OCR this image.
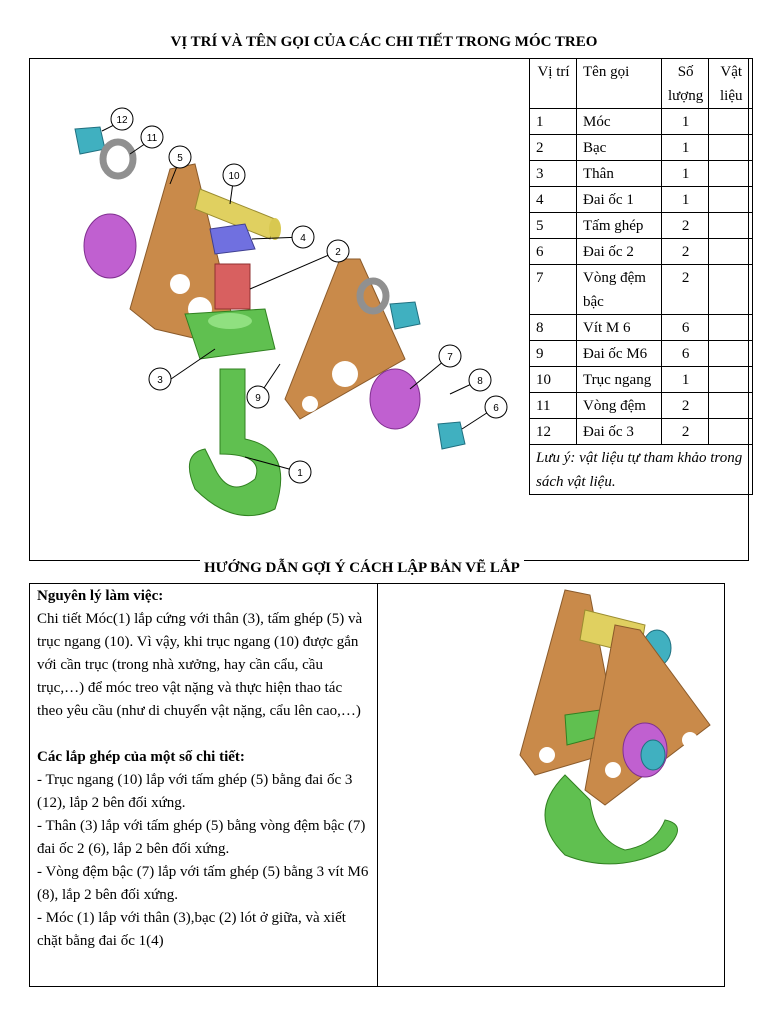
VỊ TRÍ VÀ TÊN GỌI CỦA CÁC CHI TIẾT TRONG MÓC TREO
1
2
3
4
5
6
7
8
9
10
11
12
Vị trí	Tên gọi	Số lượng	Vật liệu
1	Móc	1	
2	Bạc	1	
3	Thân	1	
4	Đai ốc 1	1	
5	Tấm ghép	2	
6	Đai ốc 2	2	
7	Vòng đệm bậc	2	
8	Vít M 6	6	
9	Đai ốc M6	6	
10	Trục ngang	1	
11	Vòng đệm	2	
12	Đai ốc 3	2	
Lưu ý: vật liệu tự tham khảo trong sách vật liệu.			
HƯỚNG DẪN GỢI Ý CÁCH LẬP BẢN VẼ LẮP

Nguyên lý làm việc:

Chi tiết Móc(1) lắp cứng với thân (3), tấm ghép (5) và trục ngang (10). Vì vậy, khi trục ngang (10) được gắn với cần trục (trong nhà xưởng, hay cần cẩu, cầu trục,…) để móc treo vật nặng và thực hiện thao tác theo yêu cầu (như di chuyển vật nặng, cẩu lên cao,…)

Các lắp ghép của một số chi tiết:

- Trục ngang (10) lắp với tấm ghép (5) bằng đai ốc 3 (12), lắp 2 bên đối xứng.

- Thân (3) lắp với tấm ghép (5) bằng vòng đệm bậc (7) đai ốc 2 (6), lắp 2 bên đối xứng.

- Vòng đệm bậc (7) lắp với tấm ghép (5) bằng 3 vít M6 (8), lắp 2 bên đối xứng.

- Móc (1) lắp với thân (3),bạc (2) lót ở giữa, và xiết chặt bằng đai ốc 1(4)
